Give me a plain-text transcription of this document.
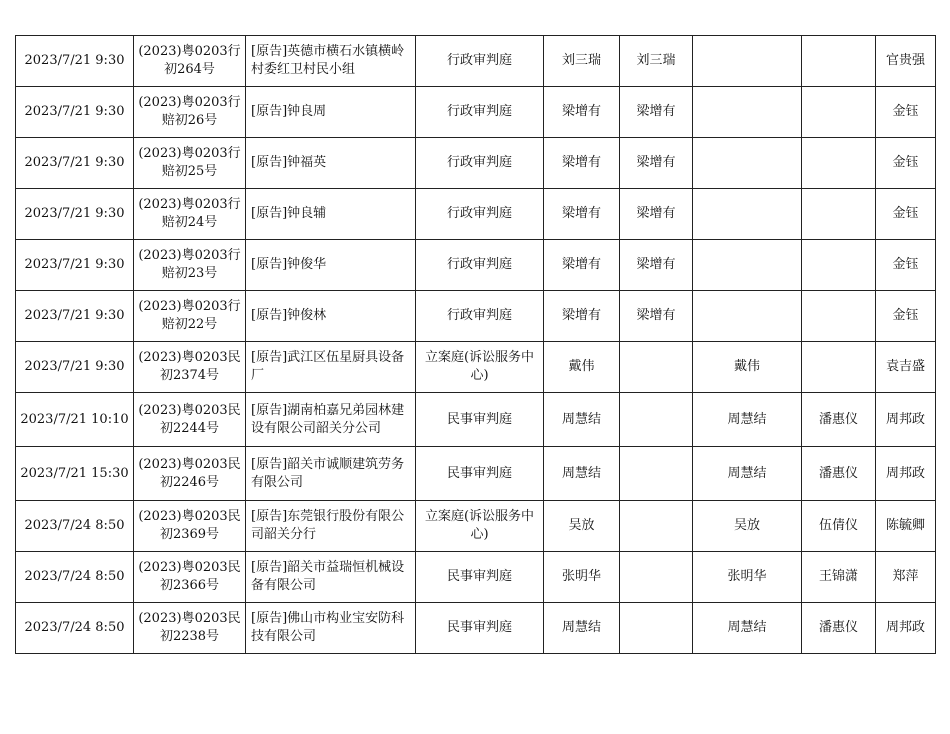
2023/7/21 9:30	(2023)粤0203行初264号	[原告]英德市横石水镇横岭村委红卫村民小组	行政审判庭	刘三瑞	刘三瑞			官贵强
2023/7/21 9:30	(2023)粤0203行赔初26号	[原告]钟良周	行政审判庭	梁增有	梁增有			金钰
2023/7/21 9:30	(2023)粤0203行赔初25号	[原告]钟福英	行政审判庭	梁增有	梁增有			金钰
2023/7/21 9:30	(2023)粤0203行赔初24号	[原告]钟良辅	行政审判庭	梁增有	梁增有			金钰
2023/7/21 9:30	(2023)粤0203行赔初23号	[原告]钟俊华	行政审判庭	梁增有	梁增有			金钰
2023/7/21 9:30	(2023)粤0203行赔初22号	[原告]钟俊林	行政审判庭	梁增有	梁增有			金钰
2023/7/21 9:30	(2023)粤0203民初2374号	[原告]武江区伍星厨具设备厂	立案庭(诉讼服务中心)	戴伟		戴伟		袁吉盛
2023/7/21 10:10	(2023)粤0203民初2244号	[原告]湖南柏嘉兄弟园林建设有限公司韶关分公司	民事审判庭	周慧结		周慧结	潘惠仪	周邦政
2023/7/21 15:30	(2023)粤0203民初2246号	[原告]韶关市诚顺建筑劳务有限公司	民事审判庭	周慧结		周慧结	潘惠仪	周邦政
2023/7/24 8:50	(2023)粤0203民初2369号	[原告]东莞银行股份有限公司韶关分行	立案庭(诉讼服务中心)	吴放		吴放	伍倩仪	陈毓卿
2023/7/24 8:50	(2023)粤0203民初2366号	[原告]韶关市益瑞恒机械设备有限公司	民事审判庭	张明华		张明华	王锦潇	郑萍
2023/7/24 8:50	(2023)粤0203民初2238号	[原告]佛山市构业宝安防科技有限公司	民事审判庭	周慧结		周慧结	潘惠仪	周邦政
